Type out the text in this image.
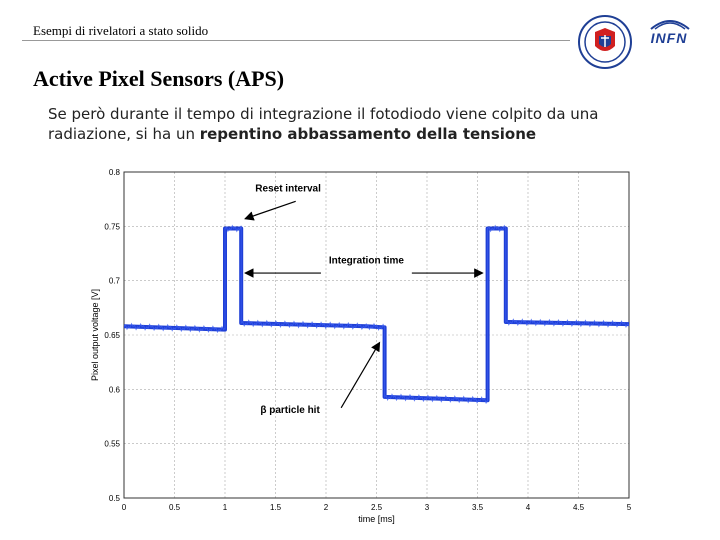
Esempi di rivelatori a stato solido	INFN
Active Pixel Sensors (APS)

Se però durante il tempo di integrazione il fotodiodo viene colpito da una
radiazione, si ha un repentino abbassamento della tensione

0	0.5	1	1.5	2	2.5	3	3.5	4	4.5	5
0.5
0.55
0.6
0.65
0.7
0.75
0.8
time [ms]
Pixel output voltage [V]
Reset interval
Integration time
β particle hit
